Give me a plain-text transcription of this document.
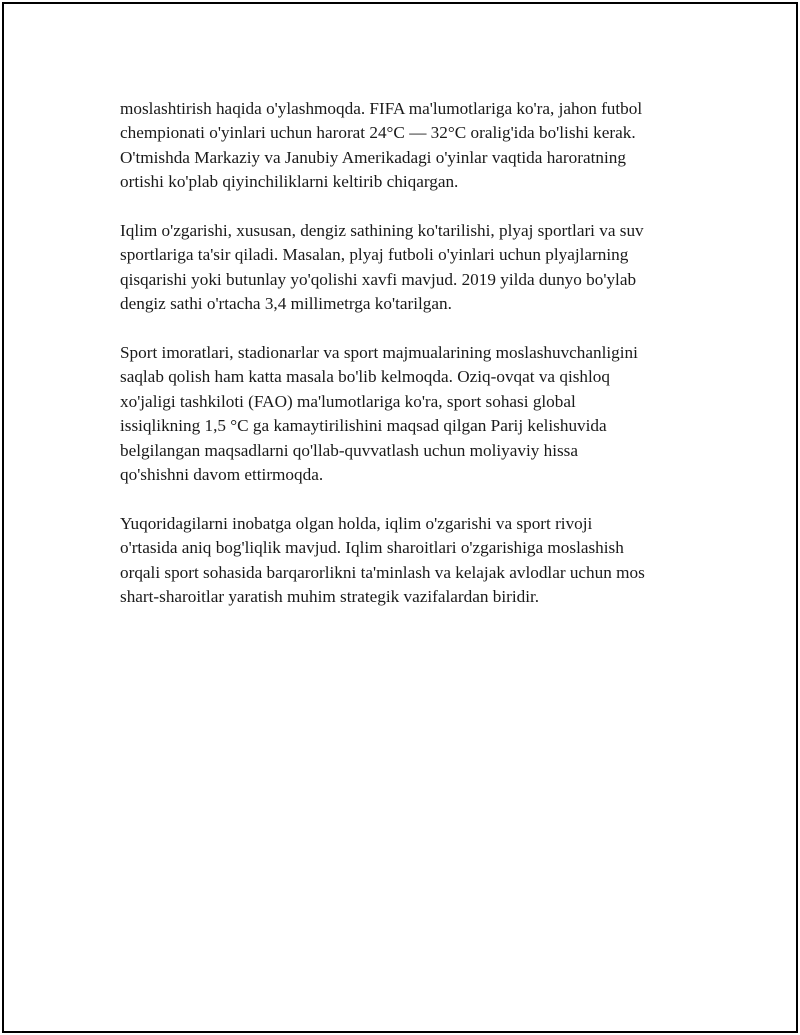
moslashtirish haqida o'ylashmoqda. FIFA ma'lumotlariga ko'ra, jahon futbol
chempionati o'yinlari uchun harorat 24°C — 32°C oralig'ida bo'lishi kerak.
O'tmishda Markaziy va Janubiy Amerikadagi o'yinlar vaqtida haroratning
ortishi ko'plab qiyinchiliklarni keltirib chiqargan.

Iqlim o'zgarishi, xususan, dengiz sathining ko'tarilishi, plyaj sportlari va suv
sportlariga ta'sir qiladi. Masalan, plyaj futboli o'yinlari uchun plyajlarning
qisqarishi yoki butunlay yo'qolishi xavfi mavjud. 2019 yilda dunyo bo'ylab
dengiz sathi o'rtacha 3,4 millimetrga ko'tarilgan.

Sport imoratlari, stadionarlar va sport majmualarining moslashuvchanligini
saqlab qolish ham katta masala bo'lib kelmoqda. Oziq-ovqat va qishloq
xo'jaligi tashkiloti (FAO) ma'lumotlariga ko'ra, sport sohasi global
issiqlikning 1,5 °C ga kamaytirilishini maqsad qilgan Parij kelishuvida
belgilangan maqsadlarni qo'llab-quvvatlash uchun moliyaviy hissa
qo'shishni davom ettirmoqda.

Yuqoridagilarni inobatga olgan holda, iqlim o'zgarishi va sport rivoji
o'rtasida aniq bog'liqlik mavjud. Iqlim sharoitlari o'zgarishiga moslashish
orqali sport sohasida barqarorlikni ta'minlash va kelajak avlodlar uchun mos
shart-sharoitlar yaratish muhim strategik vazifalardan biridir.
